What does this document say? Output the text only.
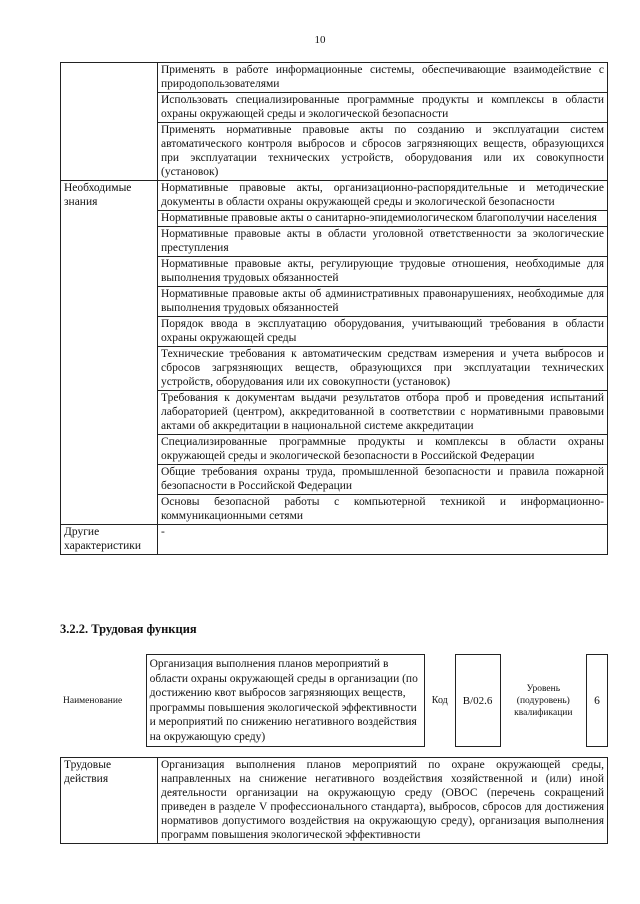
10
	Применять в работе информационные системы, обеспечивающие взаимодействие с природопользователями
	Использовать специализированные программные продукты и комплексы в области охраны окружающей среды и экологической безопасности
	Применять нормативные правовые акты по созданию и эксплуатации систем автоматического контроля выбросов и сбросов загрязняющих веществ, образующихся при эксплуатации технических устройств, оборудования или их совокупности (установок)
Необходимые знания	Нормативные правовые акты, организационно-распорядительные и методические документы в области охраны окружающей среды и экологической безопасности
	Нормативные правовые акты о санитарно-эпидемиологическом благополучии населения
	Нормативные правовые акты в области уголовной ответственности за экологические преступления
	Нормативные правовые акты, регулирующие трудовые отношения, необходимые для выполнения трудовых обязанностей
	Нормативные правовые акты об административных правонарушениях, необходимые для выполнения трудовых обязанностей
	Порядок ввода в эксплуатацию оборудования, учитывающий требования в области охраны окружающей среды
	Технические требования к автоматическим средствам измерения и учета выбросов и сбросов загрязняющих веществ, образующихся при эксплуатации технических устройств, оборудования или их совокупности (установок)
	Требования к документам выдачи результатов отбора проб и проведения испытаний лабораторией (центром), аккредитованной в соответствии с нормативными правовыми актами об аккредитации в национальной системе аккредитации
	Специализированные программные продукты и комплексы в области охраны окружающей среды и экологической безопасности в Российской Федерации
	Общие требования охраны труда, промышленной безопасности и правила пожарной безопасности в Российской Федерации
	Основы безопасной работы с компьютерной техникой и информационно-коммуникационными сетями
Другие характеристики	-
3.2.2. Трудовая функция
Наименование	Организация выполнения планов мероприятий в области охраны окружающей среды в организации (по достижению квот выбросов загрязняющих веществ, программы повышения экологической эффективности и мероприятий по снижению негативного воздействия на окружающую среду)	Код	B/02.6	Уровень (подуровень) квалификации	6
Трудовые действия	Организация выполнения планов мероприятий по охране окружающей среды, направленных на снижение негативного воздействия хозяйственной и (или) иной деятельности организации на окружающую среду (ОВОС (перечень сокращений приведен в разделе V профессионального стандарта), выбросов, сбросов для достижения нормативов допустимого воздействия на окружающую среду), организация выполнения программ повышения экологической эффективности
